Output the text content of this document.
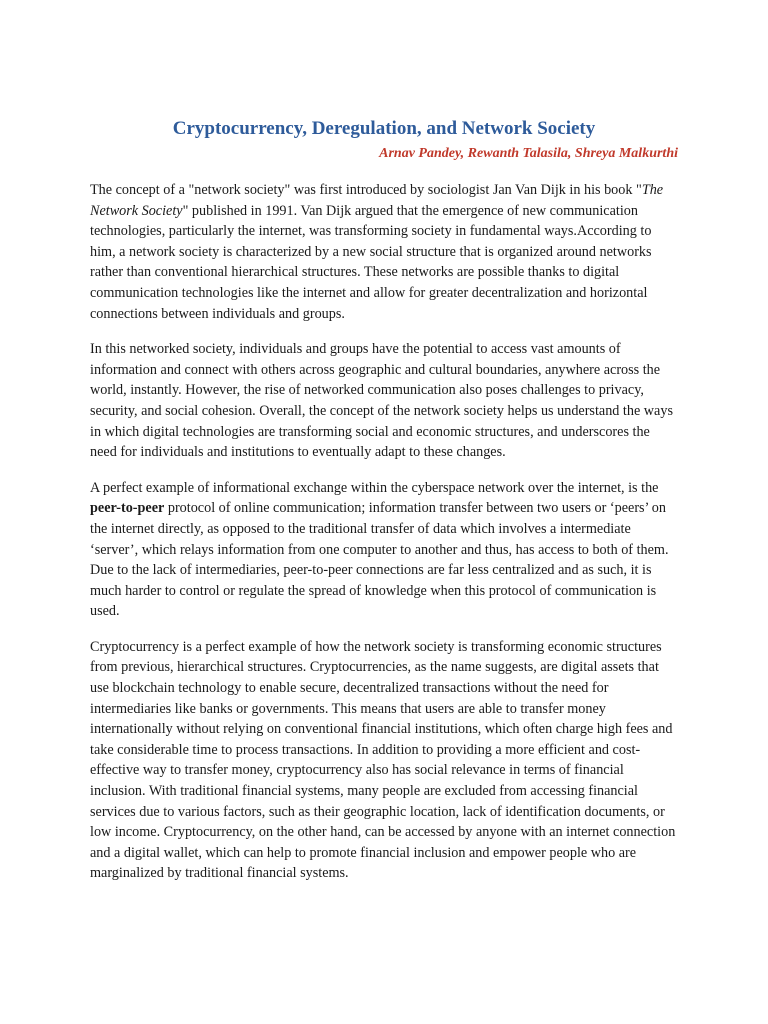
Cryptocurrency, Deregulation, and Network Society
Arnav Pandey, Rewanth Talasila, Shreya Malkurthi

The concept of a "network society" was first introduced by sociologist Jan Van Dijk in his book "The Network Society" published in 1991. Van Dijk argued that the emergence of new communication technologies, particularly the internet, was transforming society in fundamental ways.According to him, a network society is characterized by a new social structure that is organized around networks rather than conventional hierarchical structures. These networks are possible thanks to digital communication technologies like the internet and allow for greater decentralization and horizontal connections between individuals and groups.

In this networked society, individuals and groups have the potential to access vast amounts of information and connect with others across geographic and cultural boundaries, anywhere across the world, instantly. However, the rise of networked communication also poses challenges to privacy, security, and social cohesion. Overall, the concept of the network society helps us understand the ways in which digital technologies are transforming social and economic structures, and underscores the need for individuals and institutions to eventually adapt to these changes.

A perfect example of informational exchange within the cyberspace network over the internet, is the peer-to-peer protocol of online communication; information transfer between two users or ‘peers’ on the internet directly, as opposed to the traditional transfer of data which involves a intermediate ‘server’, which relays information from one computer to another and thus, has access to both of them. Due to the lack of intermediaries, peer-to-peer connections are far less centralized and as such, it is much harder to control or regulate the spread of knowledge when this protocol of communication is used.

Cryptocurrency is a perfect example of how the network society is transforming economic structures from previous, hierarchical structures. Cryptocurrencies, as the name suggests, are digital assets that use blockchain technology to enable secure, decentralized transactions without the need for intermediaries like banks or governments. This means that users are able to transfer money internationally without relying on conventional financial institutions, which often charge high fees and take considerable time to process transactions. In addition to providing a more efficient and cost-effective way to transfer money, cryptocurrency also has social relevance in terms of financial inclusion. With traditional financial systems, many people are excluded from accessing financial services due to various factors, such as their geographic location, lack of identification documents, or low income. Cryptocurrency, on the other hand, can be accessed by anyone with an internet connection and a digital wallet, which can help to promote financial inclusion and empower people who are marginalized by traditional financial systems.
